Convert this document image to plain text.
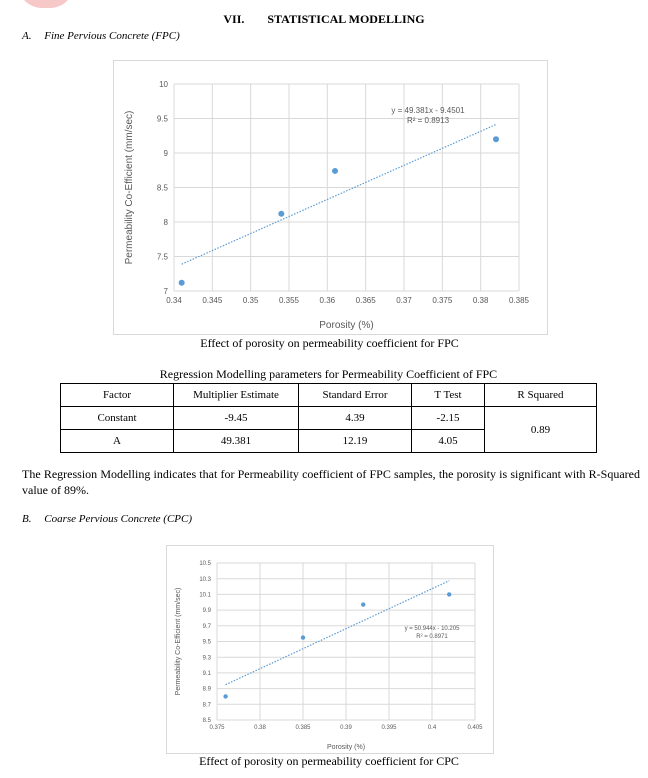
VII. STATISTICAL MODELLING
A. Fine Pervious Concrete (FPC)
0.34	0.345	0.35	0.355	0.36	0.365	0.37	0.375	0.38	0.385
7
7.5
8
8.5
9
9.5
10
Porosity (%)
Permeability Co-Efficient (mm/sec)
y = 49.381x - 9.4501
R² = 0.8913
Effect of porosity on permeability coefficient for FPC
Regression Modelling parameters for Permeability Coefficient of FPC
Factor	Multiplier Estimate	Standard Error	T Test	R Squared
Constant	-9.45	4.39	-2.15	0.89
A	49.381	12.19	4.05	
The Regression Modelling indicates that for Permeability coefficient of FPC samples, the porosity is significant with R-Squared value of 89%.
B. Coarse Pervious Concrete (CPC)
0.375	0.38	0.385	0.39	0.395	0.4	0.405
8.5
8.7
8.9
9.1
9.3
9.5
9.7
9.9
10.1
10.3
10.5
Porosity (%)
Permeability Co-Efficient (mm/sec)	y = 50.944x - 10.205
R² = 0.8971
Effect of porosity on permeability coefficient for CPC
